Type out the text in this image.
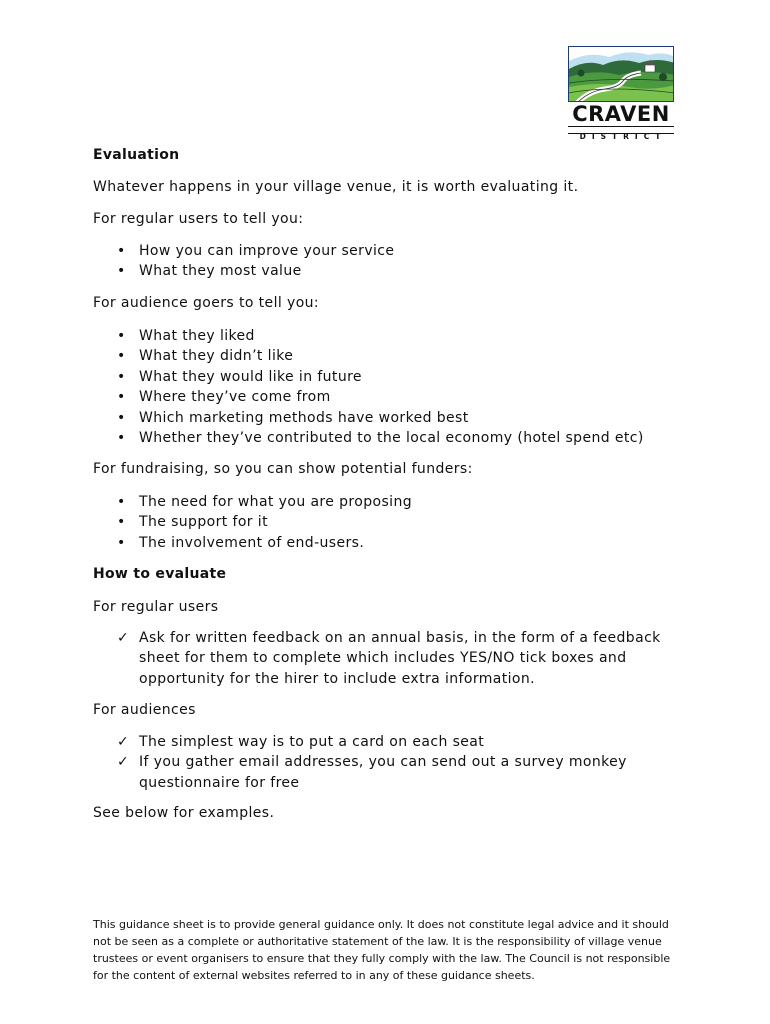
CRAVEN
DISTRICT
Evaluation
Whatever happens in your village venue, it is worth evaluating it.
For regular users to tell you:
• How you can improve your service
• What they most value
For audience goers to tell you:
• What they liked
• What they didn’t like
• What they would like in future
• Where they’ve come from
• Which marketing methods have worked best
• Whether they’ve contributed to the local economy (hotel spend etc)
For fundraising, so you can show potential funders:
• The need for what you are proposing
• The support for it
• The involvement of end-users.
How to evaluate
For regular users
✓ Ask for written feedback on an annual basis, in the form of a feedback sheet for them to complete which includes YES/NO tick boxes and opportunity for the hirer to include extra information.
For audiences
✓ The simplest way is to put a card on each seat
✓ If you gather email addresses, you can send out a survey monkey questionnaire for free
See below for examples.
This guidance sheet is to provide general guidance only. It does not constitute legal advice and it should not be seen as a complete or authoritative statement of the law. It is the responsibility of village venue trustees or event organisers to ensure that they fully comply with the law. The Council is not responsible for the content of external websites referred to in any of these guidance sheets.
